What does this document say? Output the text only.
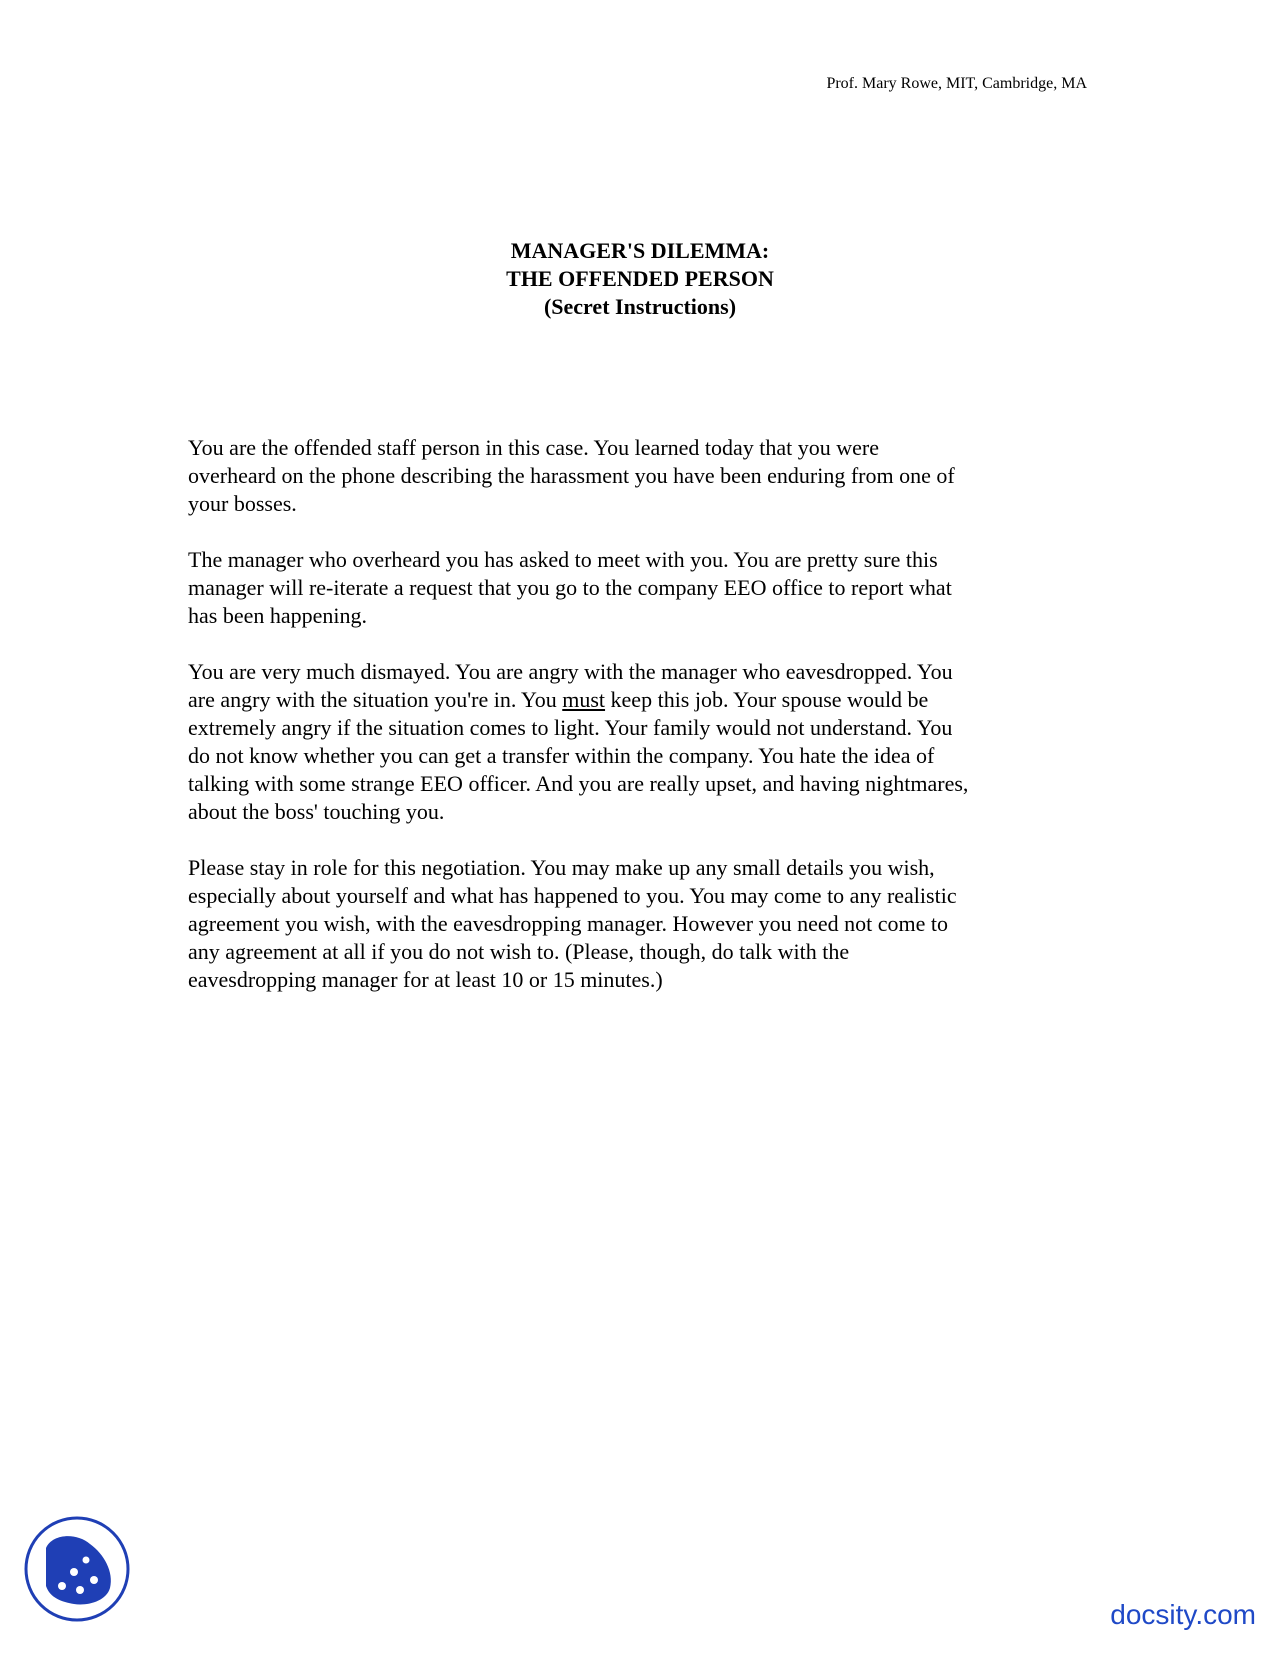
Prof. Mary Rowe, MIT, Cambridge, MA
MANAGER'S DILEMMA:
THE OFFENDED PERSON
(Secret Instructions)

You are the offended staff person in this case. You learned today that you were
overheard on the phone describing the harassment you have been enduring from one of
your bosses.

The manager who overheard you has asked to meet with you. You are pretty sure this
manager will re-iterate a request that you go to the company EEO office to report what
has been happening.

You are very much dismayed. You are angry with the manager who eavesdropped. You
are angry with the situation you're in. You must keep this job. Your spouse would be
extremely angry if the situation comes to light. Your family would not understand. You
do not know whether you can get a transfer within the company. You hate the idea of
talking with some strange EEO officer. And you are really upset, and having nightmares,
about the boss' touching you.

Please stay in role for this negotiation. You may make up any small details you wish,
especially about yourself and what has happened to you. You may come to any realistic
agreement you wish, with the eavesdropping manager. However you need not come to
any agreement at all if you do not wish to. (Please, though, do talk with the
eavesdropping manager for at least 10 or 15 minutes.)

docsity.com
